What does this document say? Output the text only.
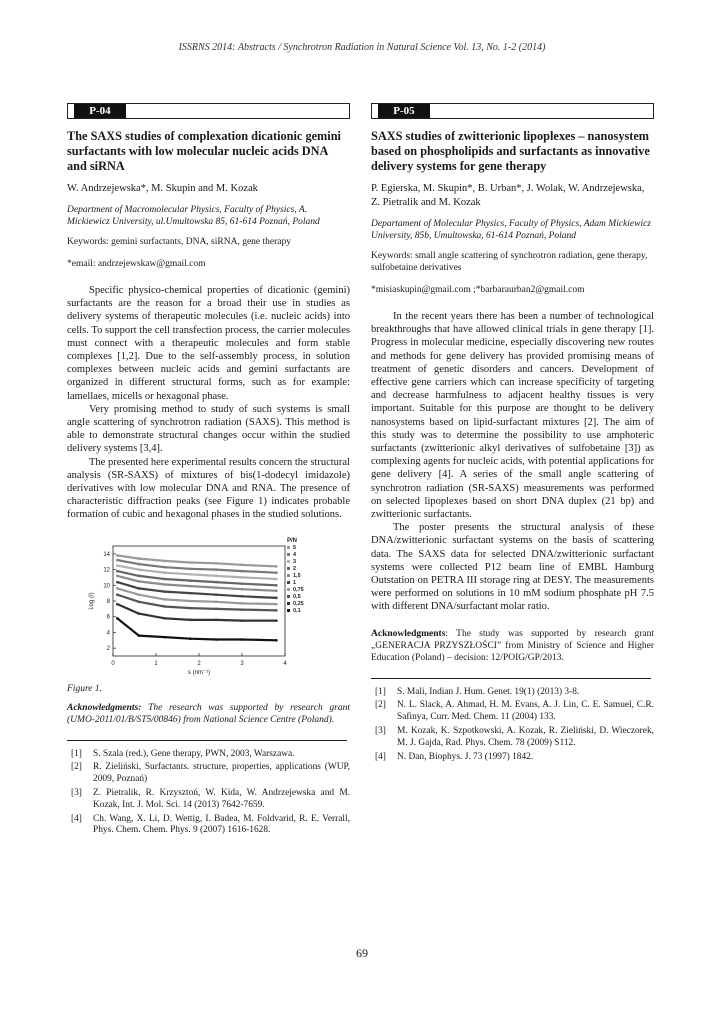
ISSRNS 2014: Abstracts / Synchrotron Radiation in Natural Science Vol. 13, No. 1-2 (2014)
P-04
The SAXS studies of complexation dicationic gemini surfactants with low molecular nucleic acids DNA and siRNA
W. Andrzejewska*, M. Skupin and M. Kozak
Department of Macromolecular Physics, Faculty of Physics, A. Mickiewicz University, ul.Umultowska 85, 61-614 Poznań, Poland
Keywords: gemini surfactants, DNA, siRNA, gene therapy
*email: andrzejewskaw@gmail.com

Specific physico-chemical properties of dicationic (gemini) surfactants are the reason for a broad their use in studies as delivery systems of therapeutic molecules (i.e. nucleic acids) into cells. To support the cell transfection process, the carrier molecules must connect with a therapeutic molecules and form stable complexes [1,2]. Due to the self-assembly process, in solution complexes between nucleic acids and gemini surfactants are organized in different structural forms, such as for example: lamellaes, micells or hexagonal phase.

Very promising method to study of such systems is small angle scattering of synchrotron radiation (SAXS). This method is able to demonstrate structural changes occur within the studied delivery systems [3,4].

The presented here experimental results concern the structural analysis (SR-SAXS) of mixtures of bis(1-dodecyl imidazole) derivatives with low molecular DNA and RNA. The presence of characteristic diffraction peaks (see Figure 1) indicates probable formation of cubic and hexagonal phases in the studied solutions.

0	1	2	3	4
2
4
6
8
10
12
14
s (nm⁻¹)
Log (I)
P/N
5
4
3
2
1,5
1
0,75
0,5
0,25
0,1
Figure 1.
Acknowledgments: The research was supported by research grant (UMO-2011/01/B/ST5/00846) from National Science Centre (Poland).
[1] S. Szala (red.), Gene therapy, PWN, 2003, Warszawa.
[2] R. Zieliński, Surfactants. structure, properties, applications (WUP, 2009, Poznań)
[3] Z. Pietralik, R. Krzysztoń, W. Kida, W. Andrzejewska and M. Kozak, Int. J. Mol. Sci. 14 (2013) 7642-7659.
[4] Ch. Wang, X. Li, D. Wettig, I. Badea, M. Foldvarid, R. E. Verrall, Phys. Chem. Chem. Phys. 9 (2007) 1616-1628.
P-05
SAXS studies of zwitterionic lipoplexes – nanosystem based on phospholipids and surfactants as innovative delivery systems for gene therapy
P. Egierska, M. Skupin*, B. Urban*, J. Wolak, W. Andrzejewska, Z. Pietralik and M. Kozak
Departament of Molecular Physics, Faculty of Physics, Adam Mickiewicz University, 85b, Umultowska, 61-614 Poznań, Poland
Keywords: small angle scattering of synchrotron radiation, gene therapy, sulfobetaine derivatives
*misiaskupin@gmail.com ;*barbaraurban2@gmail.com

In the recent years there has been a number of technological breakthroughs that have allowed clinical trials in gene therapy [1]. Progress in molecular medicine, especially discovering new routes and methods for gene delivery has provided promising means of treatment of genetic disorders and cancers. Development of effective gene carriers which can increase specificity of targeting and decrease harmfulness to adjacent healthy tissues is very important. Suitable for this purpose are thought to be delivery nanosystems based on lipid-surfactant mixtures [2]. The aim of this study was to determine the possibility to use amphoteric surfactants (zwitterionic alkyl derivatives of sulfobetaine [3]) as complexing agents for nucleic acids, with potential applications for gene delivery [4]. A series of the small angle scattering of synchrotron radiation (SR-SAXS) measurements was performed on selected lipoplexes based on short DNA duplex (21 bp) and zwitterionic surfactants.

The poster presents the structural analysis of these DNA/zwitterionic surfactant systems on the basis of scattering data. The SAXS data for selected DNA/zwitterionic surfactant systems were collected P12 beam line of EMBL Hamburg Outstation on PETRA III storage ring at DESY. The measurements were performed on solutions in 10 mM sodium phosphate pH 7.5 with different DNA/surfactant molar ratio.

Acknowledgments: The study was supported by research grant „GENERACJA PRZYSZŁOŚCI” from Ministry of Science and Higher Education (Poland) – decision: 12/POIG/GP/2013.
[1] S. Mali, Indian J. Hum. Genet. 19(1) (2013) 3-8.
[2] N. L. Slack, A. Ahmad, H. M. Evans, A. J. Lin, C. E. Samuel, C.R. Safinya, Curr. Med. Chem. 11 (2004) 133.
[3] M. Kozak, K. Szpotkowski, A. Kozak, R. Zieliński, D. Wieczorek, M. J. Gajda, Rad. Phys. Chem. 78 (2009) S112.
[4] N. Dan, Biophys. J. 73 (1997) 1842.
69
